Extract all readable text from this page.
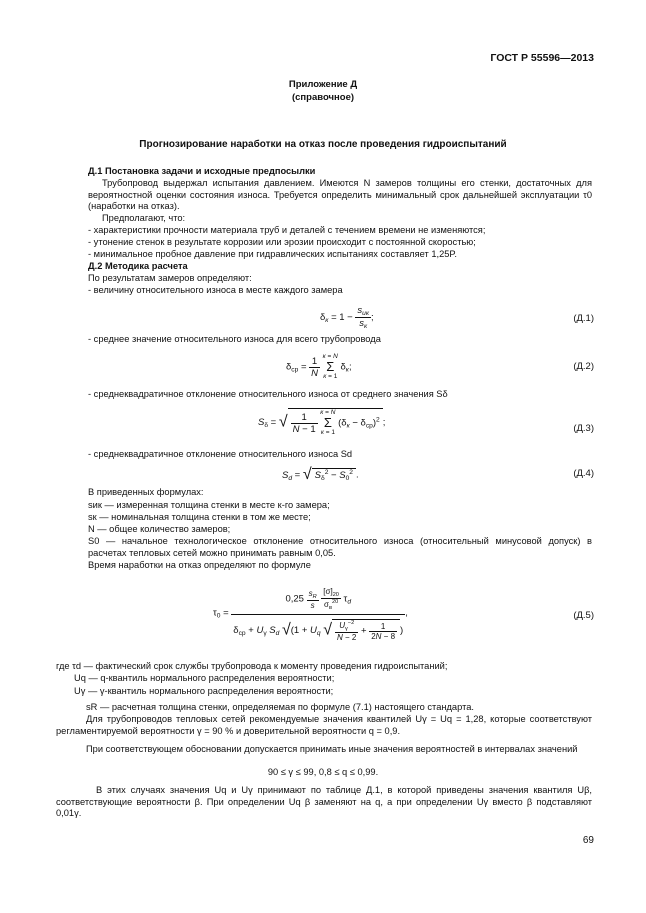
ГОСТ Р 55596—2013
Приложение Д
(справочное)
Прогнозирование наработки на отказ после проведения гидроиспытаний
Д.1 Постановка задачи и исходные предпосылки
Трубопровод выдержал испытания давлением. Имеются N замеров толщины его стенки, достаточных для вероятностной оценки состояния износа. Требуется определить минимальный срок дальнейшей эксплуатации τ0 (наработки на отказ).
Предполагают, что:
- характеристики прочности материала труб и деталей с течением времени не изменяются;
- утонение стенок в результате коррозии или эрозии происходит с постоянной скоростью;
- минимальное пробное давление при гидравлических испытаниях составляет 1,25P.
Д.2 Методика расчета
По результатам замеров определяют:
- величину относительного износа в месте каждого замера
$\delta_к = 1 - \frac{s_{ик}}{s_к}$ ;	(Д.1)
- среднее значение относительного износа для всего трубопровода
$\delta_{ср} = \frac{1}{N}$
к = N
Σ
к = 1
$\delta_к$;	(Д.2)
- среднеквадратичное отклонение относительного износа от среднего значения Sδ
$S_\delta$ = √ $\frac{1}{N - 1}$
к = N
Σ
к = 1
$(\delta_к - \delta_{ср})^2$ ;
(Д.3)
- среднеквадратичное отклонение относительного износа Sd
$S_d$ = √ $S_\delta^2 - S_0^2$ .	(Д.4)
В приведенных формулах:
sик — измеренная толщина стенки в месте к-го замера;
sк — номинальная толщина стенки в том же месте;
N — общее количество замеров;
S0 — начальное технологическое отклонение относительного износа (относительный минусовой допуск) в расчетах тепловых сетей можно принимать равным 0,05.
Время наработки на отказ определяют по формуле
$\tau_0 = 0,25 \frac{s_R}{s}$
$\frac{[\sigma]_{20}}{\sigma_в^{20}} \tau_d$
$\delta_{ср} + U_\gamma$ $S_d$ $√(1 + U_q$ √ $\frac{U_\gamma^{-2}}{N - 2} + \frac{1}{2N - 8}$ ) ,	(Д.5)
где τd — фактический срок службы трубопровода к моменту проведения гидроиспытаний;
Uq — q-квантиль нормального распределения вероятности;
Uγ — γ-квантиль нормального распределения вероятности;
sR — расчетная толщина стенки, определяемая по формуле (7.1) настоящего стандарта.
Для трубопроводов тепловых сетей рекомендуемые значения квантилей Uγ = Uq = 1,28, которые соответствуют регламентируемой вероятности γ = 90 % и доверительной вероятности q = 0,9.
При соответствующем обосновании допускается принимать иные значения вероятностей в интервалах значений
90 ≤ γ ≤ 99, 0,8 ≤ q ≤ 0,99.
В этих случаях значения Uq и Uγ принимают по таблице Д.1, в которой приведены значения квантиля Uβ, соответствующие вероятности β. При определении Uq β заменяют на q, а при определении Uγ вместо β подставляют 0,01γ.
69
